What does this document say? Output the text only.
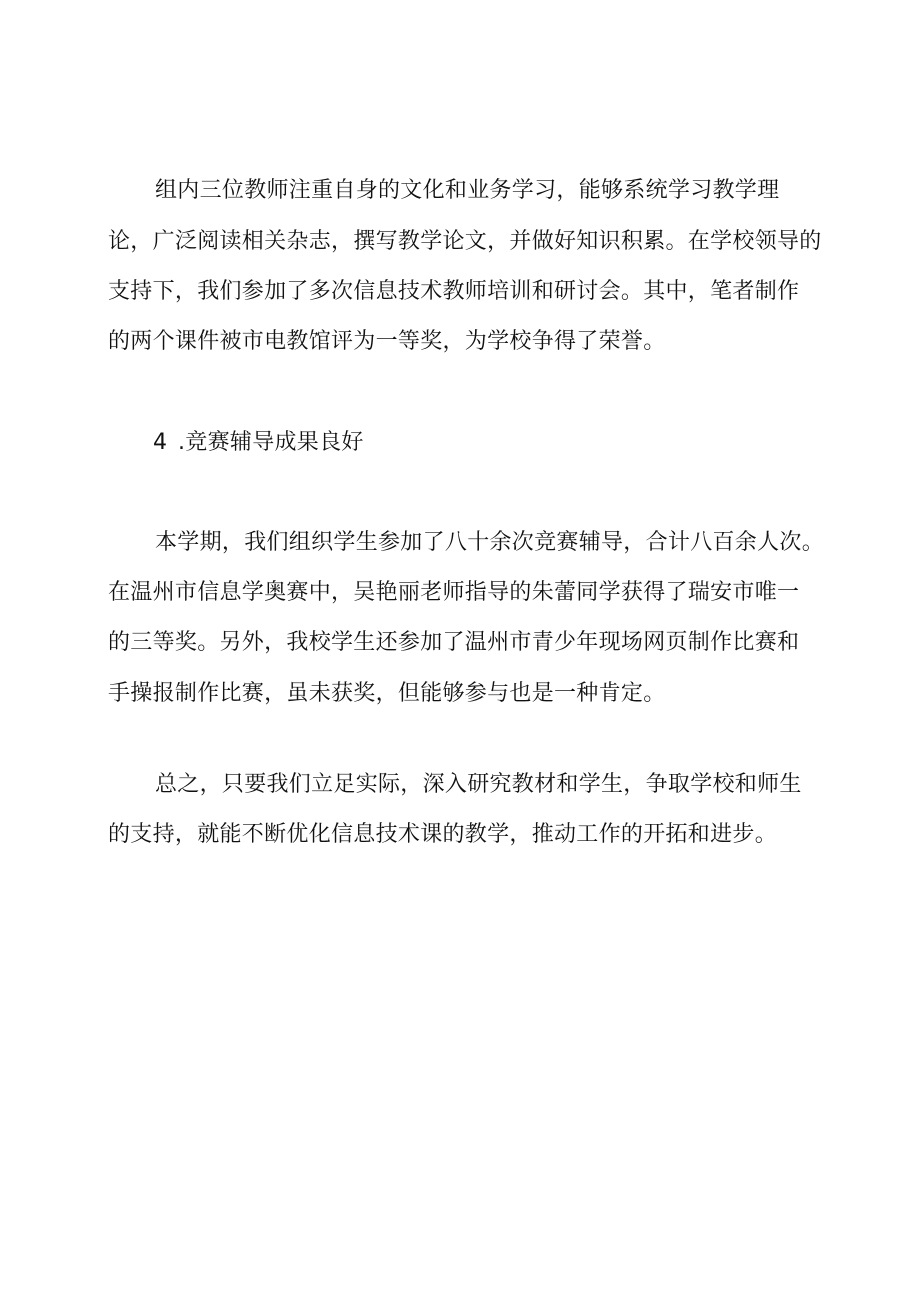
组内三位教师注重自身的文化和业务学习，能够系统学习教学理
论，广泛阅读相关杂志，撰写教学论文，并做好知识积累。在学校领导的
支持下，我们参加了多次信息技术教师培训和研讨会。其中，笔者制作
的两个课件被市电教馆评为一等奖，为学校争得了荣誉。
4 .竞赛辅导成果良好
本学期，我们组织学生参加了八十余次竞赛辅导，合计八百余人次。
在温州市信息学奥赛中，吴艳丽老师指导的朱蕾同学获得了瑞安市唯一
的三等奖。另外，我校学生还参加了温州市青少年现场网页制作比赛和
手操报制作比赛，虽未获奖，但能够参与也是一种肯定。
总之，只要我们立足实际，深入研究教材和学生，争取学校和师生
的支持，就能不断优化信息技术课的教学，推动工作的开拓和进步。
